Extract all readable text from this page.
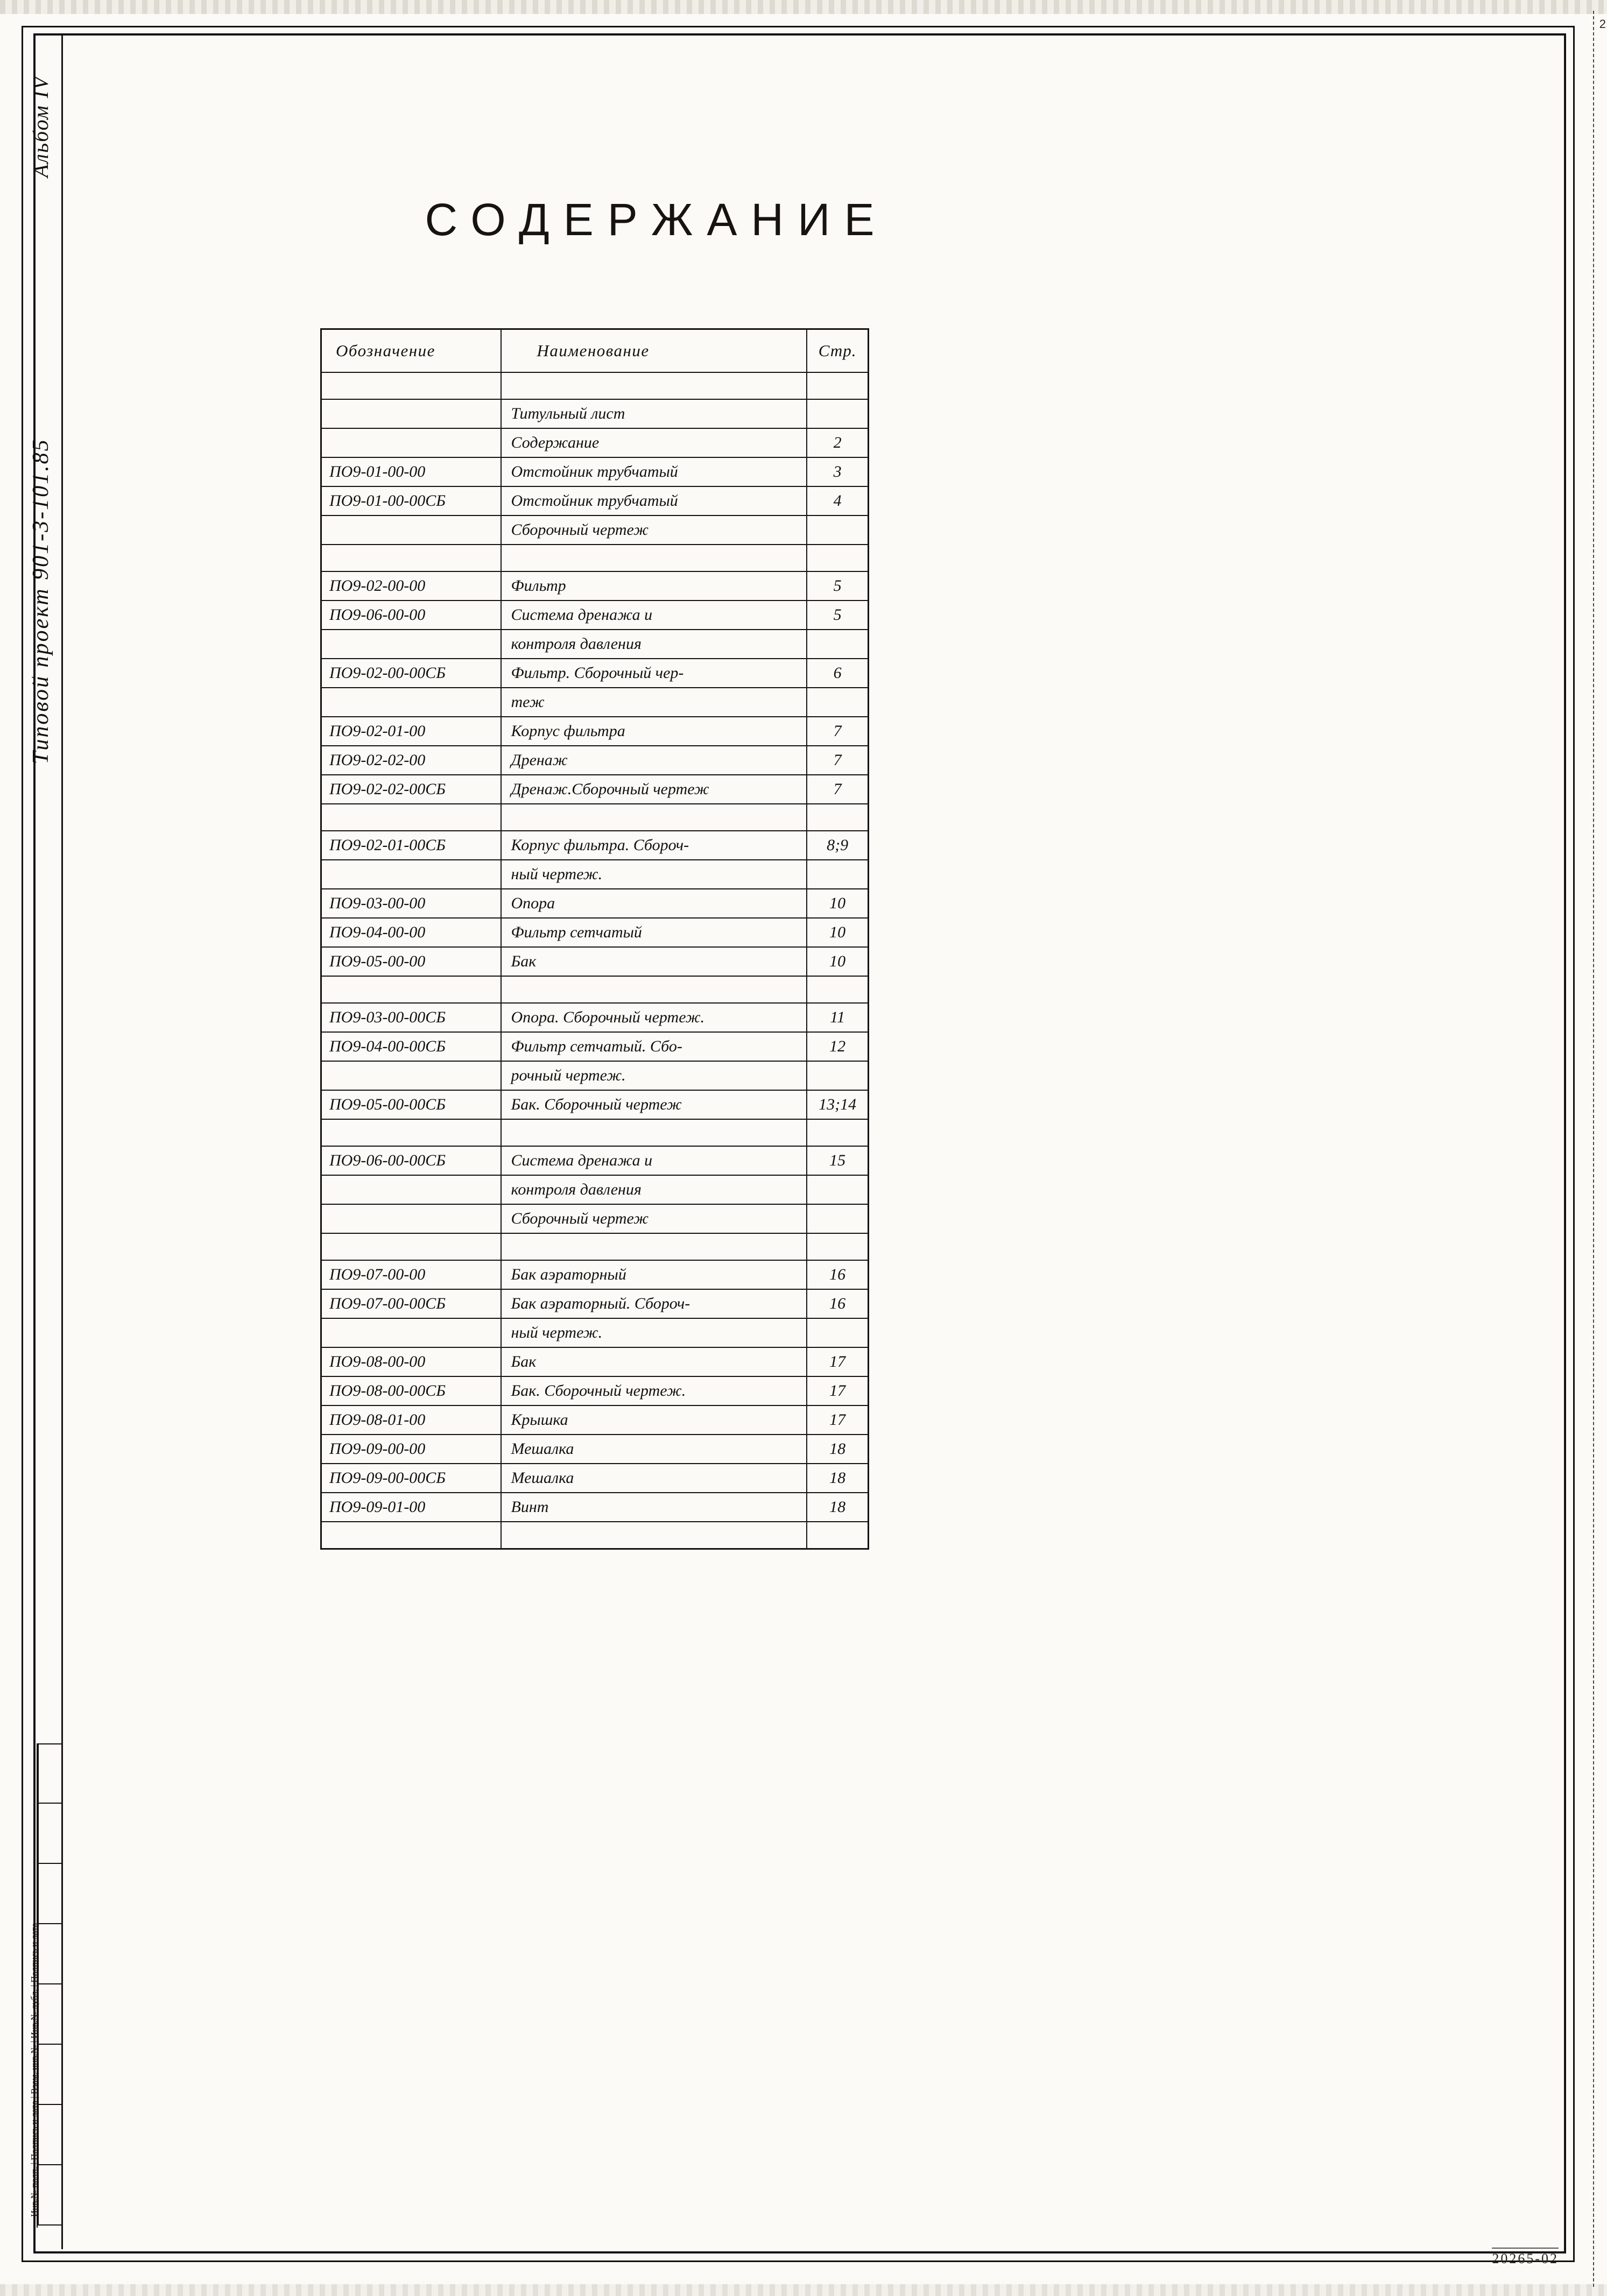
2
Альбом IV
Типовой проект 901-3-101.85
Инв.№ подп. | Подпись и дата | Взам. инв.№ | Инв.№ дубл. | Подпись и дата
СОДЕРЖАНИЕ
Обозначение	Наименование	Стр.

	Титульный лист	
	Содержание	2
ПО9-01-00-00	Отстойник трубчатый	3
ПО9-01-00-00СБ	Отстойник трубчатый	4
	Сборочный чертеж	

ПО9-02-00-00	Фильтр	5
ПО9-06-00-00	Система дренажа и	5
	контроля давления	
ПО9-02-00-00СБ	Фильтр. Сборочный чер-	6
	теж	
ПО9-02-01-00	Корпус фильтра	7
ПО9-02-02-00	Дренаж	7
ПО9-02-02-00СБ	Дренаж.Сборочный чертеж	7

ПО9-02-01-00СБ	Корпус фильтра. Сбороч-	8;9
	ный чертеж.	
ПО9-03-00-00	Опора	10
ПО9-04-00-00	Фильтр сетчатый	10
ПО9-05-00-00	Бак	10

ПО9-03-00-00СБ	Опора. Сборочный чертеж.	11
ПО9-04-00-00СБ	Фильтр сетчатый. Сбо-	12
	рочный чертеж.	
ПО9-05-00-00СБ	Бак. Сборочный чертеж	13;14

ПО9-06-00-00СБ	Система дренажа и	15
	контроля давления	
	Сборочный чертеж	

ПО9-07-00-00	Бак аэраторный	16
ПО9-07-00-00СБ	Бак аэраторный. Сбороч-	16
	ный чертеж.	
ПО9-08-00-00	Бак	17
ПО9-08-00-00СБ	Бак. Сборочный чертеж.	17
ПО9-08-01-00	Крышка	17
ПО9-09-00-00	Мешалка	18
ПО9-09-00-00СБ	Мешалка	18
ПО9-09-01-00	Винт	18

20265-02
